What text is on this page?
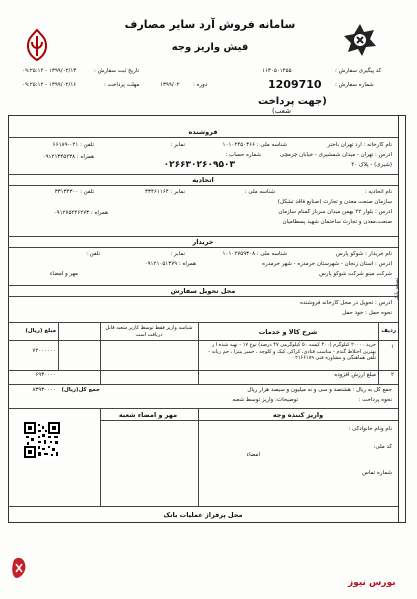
سامانه فروش آرد سایر مصارف
فیش واریز وجه
کد پیگیری سفارش :
۱۱۳۰۵۰۱۴۵۵
شماره سفارش :
1209710
دوره :
۱۳۹۹/۰۲
تاریخ ثبت سفارش :
۱۳۹۹/۰۲/۱۳ - ۰۹:۲۵:۱۲
مهلت پرداخت :
۱۳۹۹/۰۲/۱۶ - ۰۹:۲۵:۱۲
(جهت پرداخت
شعب)
نسخه بانک
فروشنده
نام کارخانه : آرد تهران باختر
شناسه ملی : ۱۰۱۰۲۴۵۰۳۶۶
نمابر :
تلفن : ۰۲۱-۶۶۱۸۹
آدرس : تهران - میدان شمشیری - خیابان چرمچی
شماره حساب :
همراه : ۰۹۱۲۱۳۴۵۲۳۸
(شیری) - پلاک ۴۰
۰۲۶۶۳۰۲۶۰۹۵۰۳
اتحادیه
نام اتحادیه :
سازمان صنعت معدن و تجارت (صنایع فاقد تشکل)
شناسه ملی :
نمابر : ۳۳۴۶۱۱۶۴
تلفن : ۳۳۱۳۴۳۰۰
آدرس : بلوار ۲۲ بهمن میدان سرباز گمنام سازمان
همراه : ۰۹۱۲۷۵۲۴۶۲۷۳
صنعت،معدن و تجارت ساختمان شهید پسطامیان
خریدار
نام خریدار : شوکو پارس
شناسه ملی : ۱۰۱۰۲۷۵۹۳۰۸
نمابر :
تلفن :
آدرس : استان زنجان - شهرستان خرمدره - شهر خرمدره
همراه : ۰۹۱۲۱۰۵۱۳۷۹
شرکت مینو شرکت شوکو پارس
مهر و امضاء
محل تحویل سفارش
آدرس : تحویل در محل کارخانه فروشنده
نحوه حمل : خود حمل
ردیف
شرح کالا و خدمات
شناسه واریز فقط توسط کاربر شعبه قابل دریافت است
مبلغ (ریال)
۱
خرید ۲۰۰۰۰ کیلوگرم (۴۰۰ کیسه ۵۰ کیلوگرمی ۴۷ درصد) نوع ۱۷ - تهیه شده ا ز بهترین احتلاط گندم - مناسب قنادی، کراکر، کیک و کلوچه ، خمیر پیتزا ، خم ریانه - تلفن هماهنگی و مشاوره فنی ۰۲۱۶۶۱۸۹
۷۲۰۰۰۰۰۰
۲
مبلغ ارزش افزوده
۶۹۳۰۰۰۰
جمع کل به ریال : هشتصد و سی و نه میلیون و سیصد هزار ریال
جمع کل(ریال)
۸۳۹۳۰۰۰۰
نحوه پرداخت :
توضیحات: واریز توسط شعبه
واریز کننده وجه
مهر و امضاء شعبه
نام ونام خانوادگی :
کد ملی:
امضاء
شماره تماس
محل پرفراژ عملیات بانک
بورس نیوز
